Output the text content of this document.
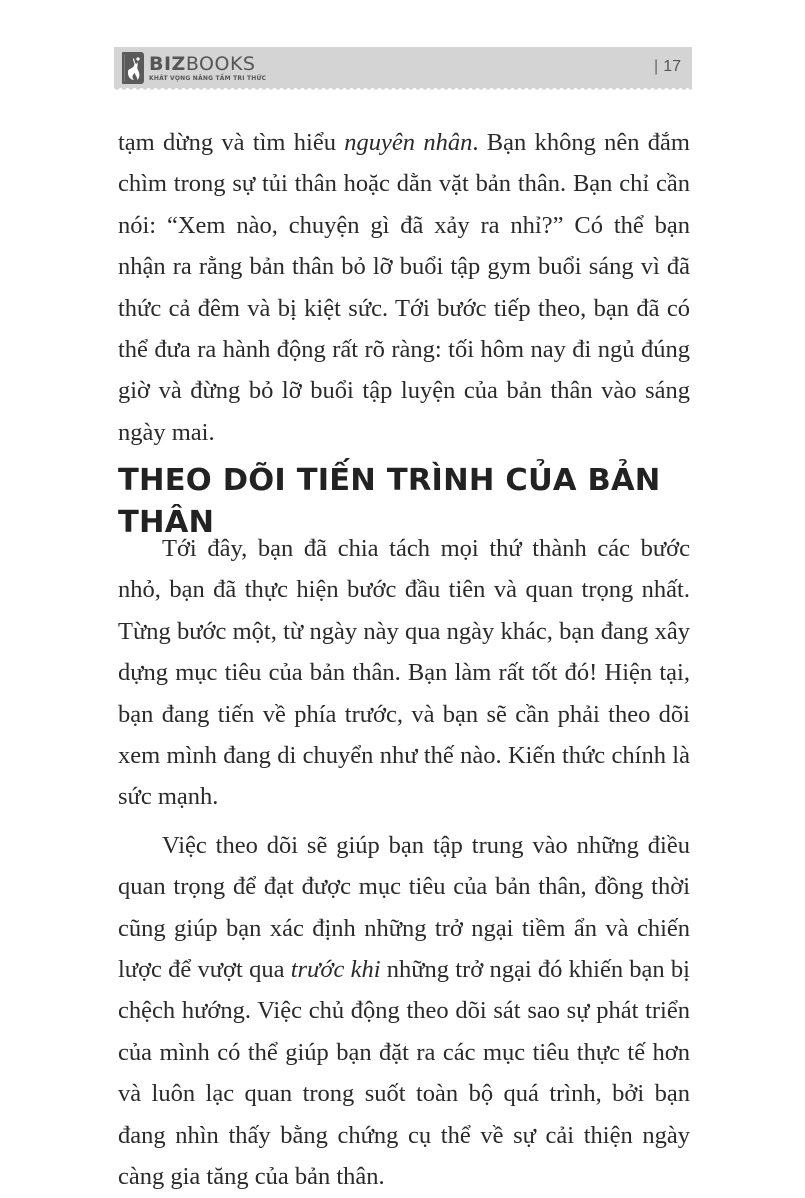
BIZBOOKS
KHÁT VỌNG NÂNG TẦM TRI THỨC
| 17

tạm dừng và tìm hiểu nguyên nhân. Bạn không nên đắm chìm trong sự tủi thân hoặc dằn vặt bản thân. Bạn chỉ cần nói: “Xem nào, chuyện gì đã xảy ra nhỉ?” Có thể bạn nhận ra rằng bản thân bỏ lỡ buổi tập gym buổi sáng vì đã thức cả đêm và bị kiệt sức. Tới bước tiếp theo, bạn đã có thể đưa ra hành động rất rõ ràng: tối hôm nay đi ngủ đúng giờ và đừng bỏ lỡ buổi tập luyện của bản thân vào sáng ngày mai.

THEO DÕI TIẾN TRÌNH CỦA BẢN THÂN

Tới đây, bạn đã chia tách mọi thứ thành các bước nhỏ, bạn đã thực hiện bước đầu tiên và quan trọng nhất. Từng bước một, từ ngày này qua ngày khác, bạn đang xây dựng mục tiêu của bản thân. Bạn làm rất tốt đó! Hiện tại, bạn đang tiến về phía trước, và bạn sẽ cần phải theo dõi xem mình đang di chuyển như thế nào. Kiến thức chính là sức mạnh.

Việc theo dõi sẽ giúp bạn tập trung vào những điều quan trọng để đạt được mục tiêu của bản thân, đồng thời cũng giúp bạn xác định những trở ngại tiềm ẩn và chiến lược để vượt qua trước khi những trở ngại đó khiến bạn bị chệch hướng. Việc chủ động theo dõi sát sao sự phát triển của mình có thể giúp bạn đặt ra các mục tiêu thực tế hơn và luôn lạc quan trong suốt toàn bộ quá trình, bởi bạn đang nhìn thấy bằng chứng cụ thể về sự cải thiện ngày càng gia tăng của bản thân.
